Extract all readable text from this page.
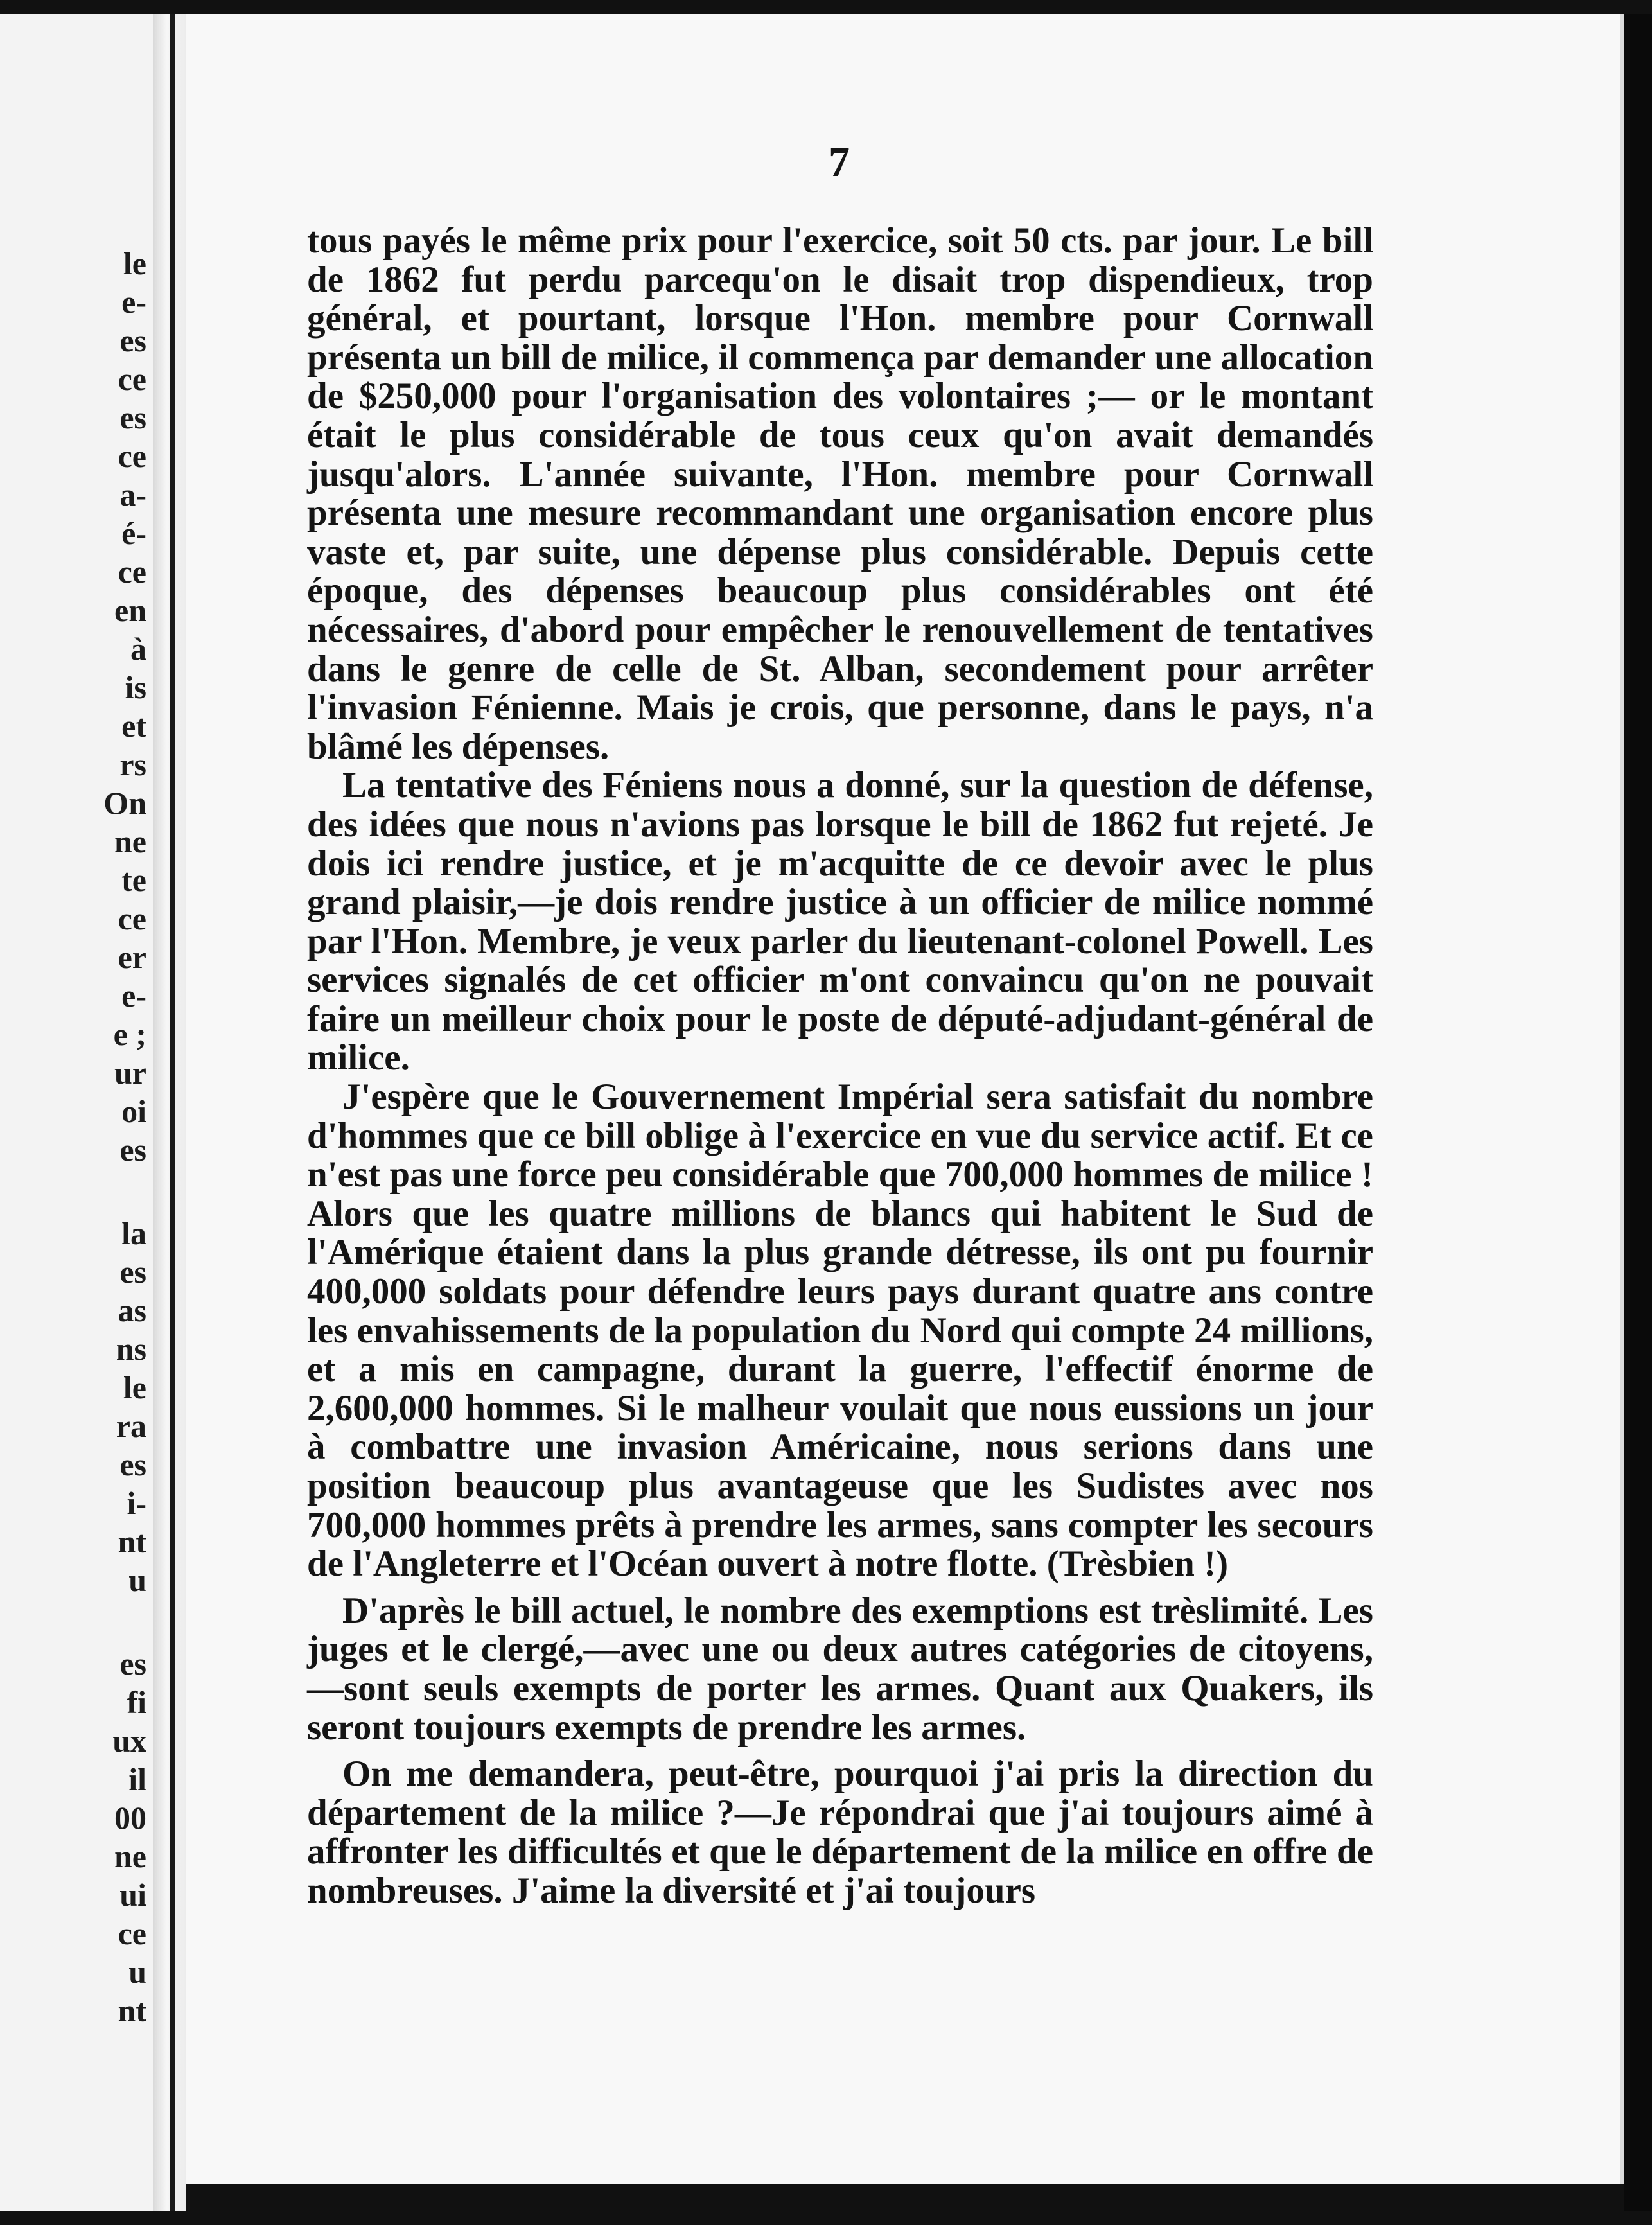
le
e-
es
ce
es
ce
a-
é-
ce
en
à
is
et
rs
On
ne
te
ce
er
e-
e ;
ur
oi
es
la
es
as
ns
le
ra
es
i-
nt
u
es
fi
ux
il
00
ne
ui
ce
u
nt
7

tous payés le même prix pour l'exercice, soit 50 cts. par jour. Le bill de 1862 fut perdu parcequ'on le disait trop dispendieux, trop général, et pourtant, lorsque l'Hon. membre pour Cornwall présenta un bill de milice, il commença par demander une allocation de $250,000 pour l'organisation des volontaires ;— or le montant était le plus considérable de tous ceux qu'on avait demandés jusqu'alors. L'année suivante, l'Hon. membre pour Cornwall présenta une mesure recommandant une organisation encore plus vaste et, par suite, une dépense plus considérable. Depuis cette époque, des dépenses beaucoup plus considérables ont été nécessaires, d'abord pour empêcher le renouvellement de tentatives dans le genre de celle de St. Alban, secondement pour arrêter l'invasion Fénienne. Mais je crois, que personne, dans le pays, n'a blâmé les dépenses.

La tentative des Féniens nous a donné, sur la question de défense, des idées que nous n'avions pas lorsque le bill de 1862 fut rejeté. Je dois ici rendre justice, et je m'acquitte de ce devoir avec le plus grand plaisir,—je dois rendre justice à un officier de milice nommé par l'Hon. Membre, je veux parler du lieutenant-colonel Powell. Les services signalés de cet officier m'ont convaincu qu'on ne pouvait faire un meilleur choix pour le poste de député-adjudant-général de milice.

J'espère que le Gouvernement Impérial sera satisfait du nombre d'hommes que ce bill oblige à l'exercice en vue du service actif. Et ce n'est pas une force peu considérable que 700,000 hommes de milice ! Alors que les quatre millions de blancs qui habitent le Sud de l'Amérique étaient dans la plus grande détresse, ils ont pu fournir 400,000 soldats pour défendre leurs pays durant quatre ans contre les envahissements de la population du Nord qui compte 24 millions, et a mis en campagne, durant la guerre, l'effectif énorme de 2,600,000 hommes. Si le malheur voulait que nous eussions un jour à combattre une invasion Américaine, nous serions dans une position beaucoup plus avantageuse que les Sudistes avec nos 700,000 hommes prêts à prendre les armes, sans compter les secours de l'Angleterre et l'Océan ouvert à notre flotte. (Trèsbien !)

D'après le bill actuel, le nombre des exemptions est trèslimité. Les juges et le clergé,—avec une ou deux autres catégories de citoyens,—sont seuls exempts de porter les armes. Quant aux Quakers, ils seront toujours exempts de prendre les armes.

On me demandera, peut-être, pourquoi j'ai pris la direction du département de la milice ?—Je répondrai que j'ai toujours aimé à affronter les difficultés et que le département de la milice en offre de nombreuses. J'aime la diversité et j'ai toujours
